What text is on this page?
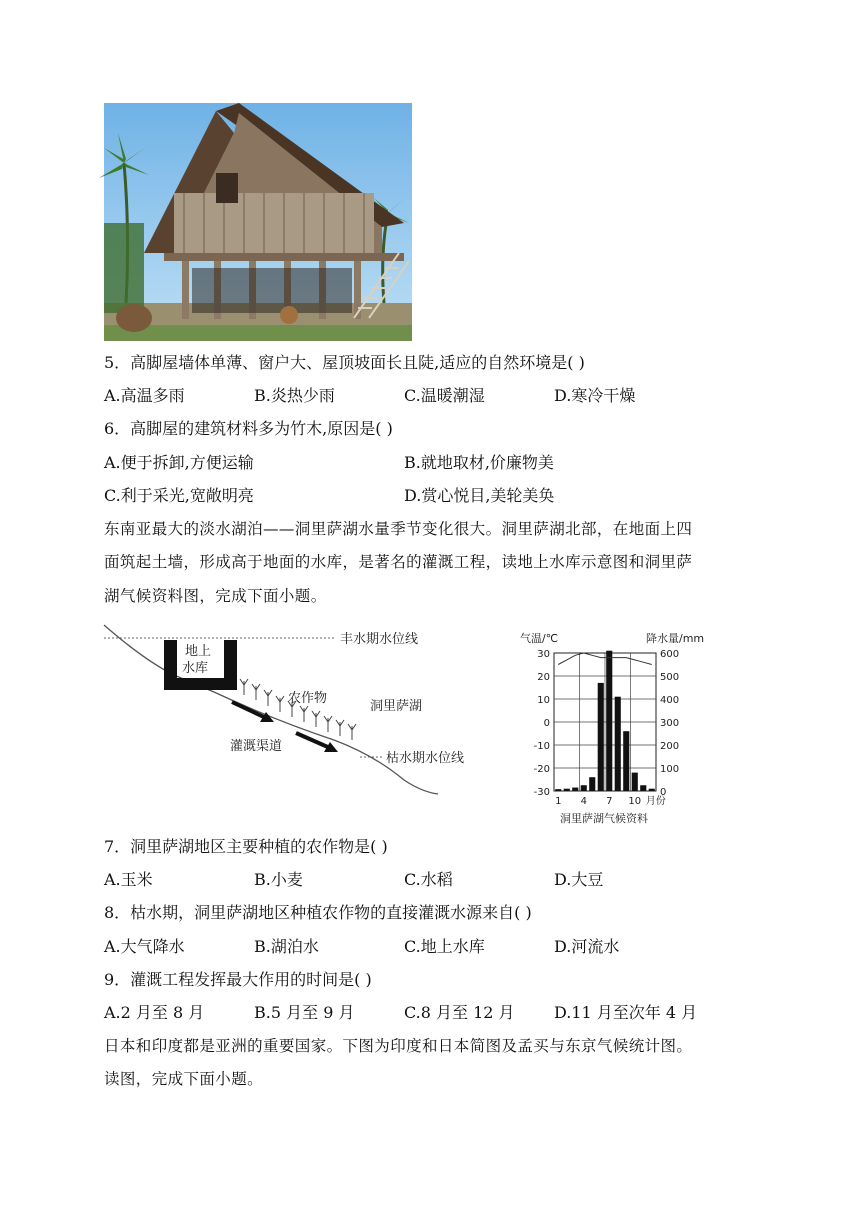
5．高脚屋墙体单薄、窗户大、屋顶坡面长且陡,适应的自然环境是( )
A.高温多雨	B.炎热少雨	C.温暖潮湿	D.寒冷干燥
6．高脚屋的建筑材料多为竹木,原因是( )
A.便于拆卸,方便运输	B.就地取材,价廉物美
C.利于采光,宽敞明亮	D.赏心悦目,美轮美奂
东南亚最大的淡水湖泊——洞里萨湖水量季节变化很大。洞里萨湖北部，在地面上四
面筑起土墙，形成高于地面的水库，是著名的灌溉工程，读地上水库示意图和洞里萨
湖气候资料图，完成下面小题。
丰水期水位线
地上
水库
农作物
洞里萨湖
灌溉渠道
枯水期水位线
气温/℃	降水量/mm
30
20
10
0
-10
-20
-30
600
500
400
300
200
100
0
1 4 7 10 月份
洞里萨湖气候资料
7．洞里萨湖地区主要种植的农作物是( )
A.玉米	B.小麦	C.水稻	D.大豆
8．枯水期，洞里萨湖地区种植农作物的直接灌溉水源来自( )
A.大气降水	B.湖泊水	C.地上水库	D.河流水
9．灌溉工程发挥最大作用的时间是( )
A.2 月至 8 月	B.5 月至 9 月	C.8 月至 12 月 D.11 月至次年 4 月
日本和印度都是亚洲的重要国家。下图为印度和日本简图及孟买与东京气候统计图。
读图，完成下面小题。
